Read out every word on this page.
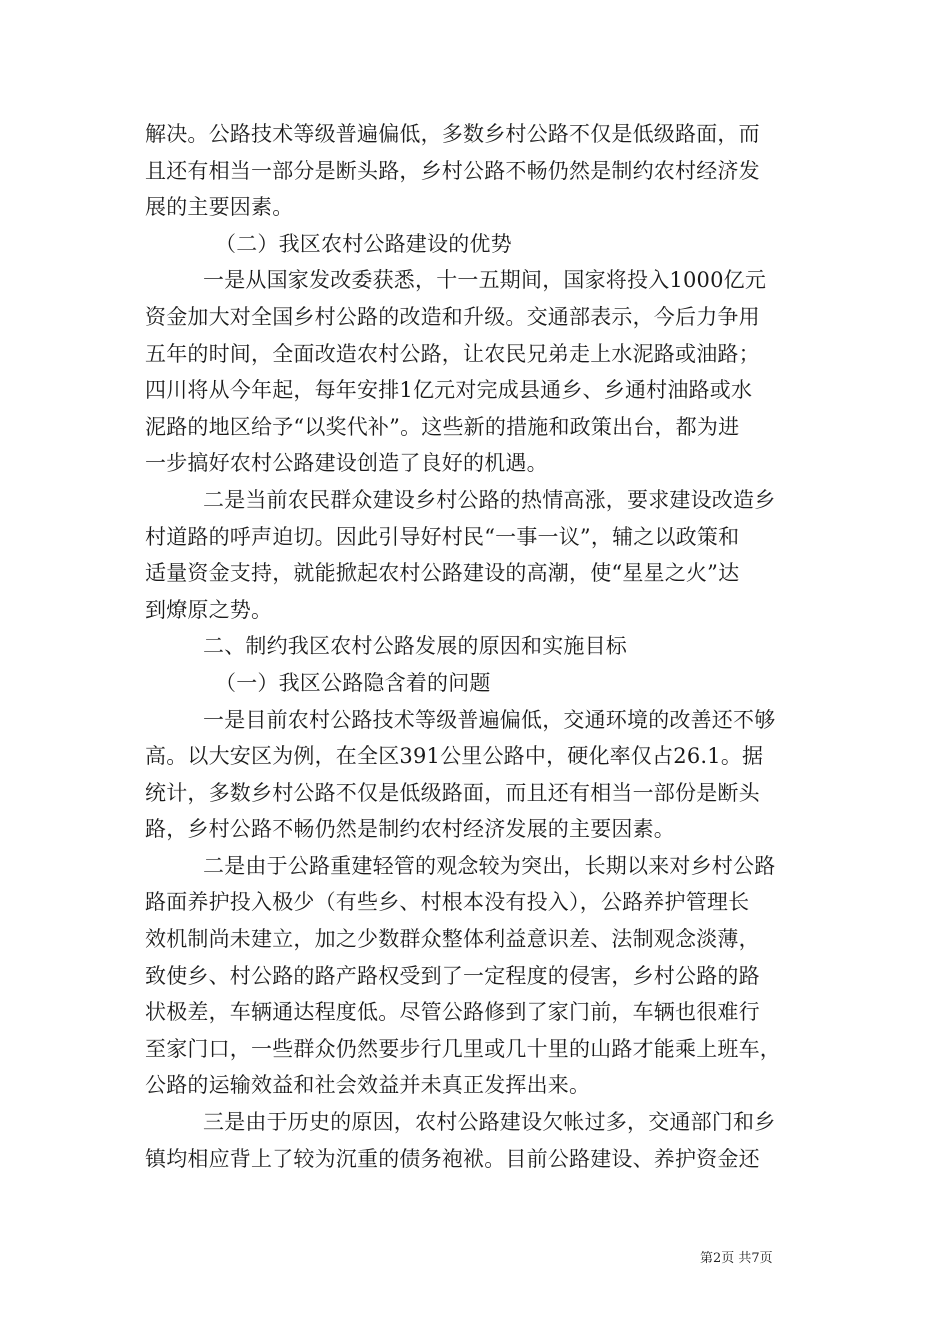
解决。公路技术等级普遍偏低，多数乡村公路不仅是低级路面，而
且还有相当一部分是断头路，乡村公路不畅仍然是制约农村经济发
展的主要因素。
（二）我区农村公路建设的优势
一是从国家发改委获悉，十一五期间，国家将投入1000亿元
资金加大对全国乡村公路的改造和升级。交通部表示，今后力争用
五年的时间，全面改造农村公路，让农民兄弟走上水泥路或油路；
四川将从今年起，每年安排1亿元对完成县通乡、乡通村油路或水
泥路的地区给予“以奖代补”。这些新的措施和政策出台，都为进
一步搞好农村公路建设创造了良好的机遇。
二是当前农民群众建设乡村公路的热情高涨，要求建设改造乡
村道路的呼声迫切。因此引导好村民“一事一议”，辅之以政策和
适量资金支持，就能掀起农村公路建设的高潮，使“星星之火”达
到燎原之势。
二、制约我区农村公路发展的原因和实施目标
（一）我区公路隐含着的问题
一是目前农村公路技术等级普遍偏低，交通环境的改善还不够
高。以大安区为例，在全区391公里公路中，硬化率仅占26.1。据
统计，多数乡村公路不仅是低级路面，而且还有相当一部份是断头
路，乡村公路不畅仍然是制约农村经济发展的主要因素。
二是由于公路重建轻管的观念较为突出，长期以来对乡村公路
路面养护投入极少（有些乡、村根本没有投入），公路养护管理长
效机制尚未建立，加之少数群众整体利益意识差、法制观念淡薄，
致使乡、村公路的路产路权受到了一定程度的侵害，乡村公路的路
状极差，车辆通达程度低。尽管公路修到了家门前，车辆也很难行
至家门口，一些群众仍然要步行几里或几十里的山路才能乘上班车，
公路的运输效益和社会效益并未真正发挥出来。
三是由于历史的原因，农村公路建设欠帐过多，交通部门和乡
镇均相应背上了较为沉重的债务袍袱。目前公路建设、养护资金还
第2页 共7页
